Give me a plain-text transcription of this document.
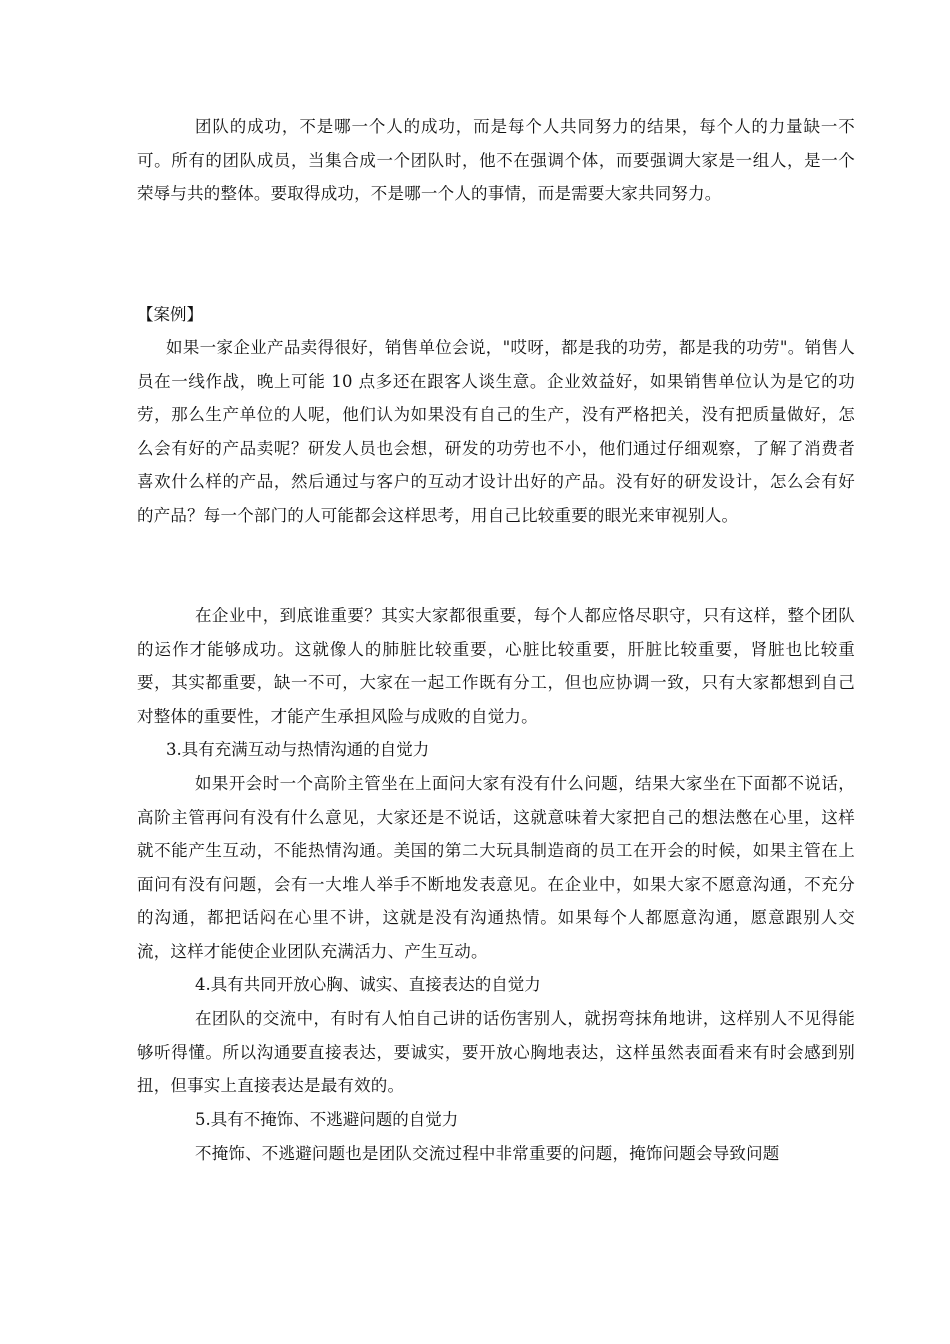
团队的成功，不是哪一个人的成功，而是每个人共同努力的结果，每个人的力量缺一不可。所有的团队成员，当集合成一个团队时，他不在强调个体，而要强调大家是一组人，是一个荣辱与共的整体。要取得成功，不是哪一个人的事情，而是需要大家共同努力。

【案例】

如果一家企业产品卖得很好，销售单位会说，"哎呀，都是我的功劳，都是我的功劳"。销售人员在一线作战，晚上可能 10 点多还在跟客人谈生意。企业效益好，如果销售单位认为是它的功劳，那么生产单位的人呢，他们认为如果没有自己的生产，没有严格把关，没有把质量做好，怎么会有好的产品卖呢？研发人员也会想，研发的功劳也不小，他们通过仔细观察，了解了消费者喜欢什么样的产品，然后通过与客户的互动才设计出好的产品。没有好的研发设计，怎么会有好的产品？每一个部门的人可能都会这样思考，用自己比较重要的眼光来审视别人。

在企业中，到底谁重要？其实大家都很重要，每个人都应恪尽职守，只有这样，整个团队的运作才能够成功。这就像人的肺脏比较重要，心脏比较重要，肝脏比较重要，肾脏也比较重要，其实都重要，缺一不可，大家在一起工作既有分工，但也应协调一致，只有大家都想到自己对整体的重要性，才能产生承担风险与成败的自觉力。

3.具有充满互动与热情沟通的自觉力

如果开会时一个高阶主管坐在上面问大家有没有什么问题，结果大家坐在下面都不说话，高阶主管再问有没有什么意见，大家还是不说话，这就意味着大家把自己的想法憋在心里，这样就不能产生互动，不能热情沟通。美国的第二大玩具制造商的员工在开会的时候，如果主管在上面问有没有问题，会有一大堆人举手不断地发表意见。在企业中，如果大家不愿意沟通，不充分的沟通，都把话闷在心里不讲，这就是没有沟通热情。如果每个人都愿意沟通，愿意跟别人交流，这样才能使企业团队充满活力、产生互动。

4.具有共同开放心胸、诚实、直接表达的自觉力

在团队的交流中，有时有人怕自己讲的话伤害别人，就拐弯抹角地讲，这样别人不见得能够听得懂。所以沟通要直接表达，要诚实，要开放心胸地表达，这样虽然表面看来有时会感到别扭，但事实上直接表达是最有效的。

5.具有不掩饰、不逃避问题的自觉力

不掩饰、不逃避问题也是团队交流过程中非常重要的问题，掩饰问题会导致问题
